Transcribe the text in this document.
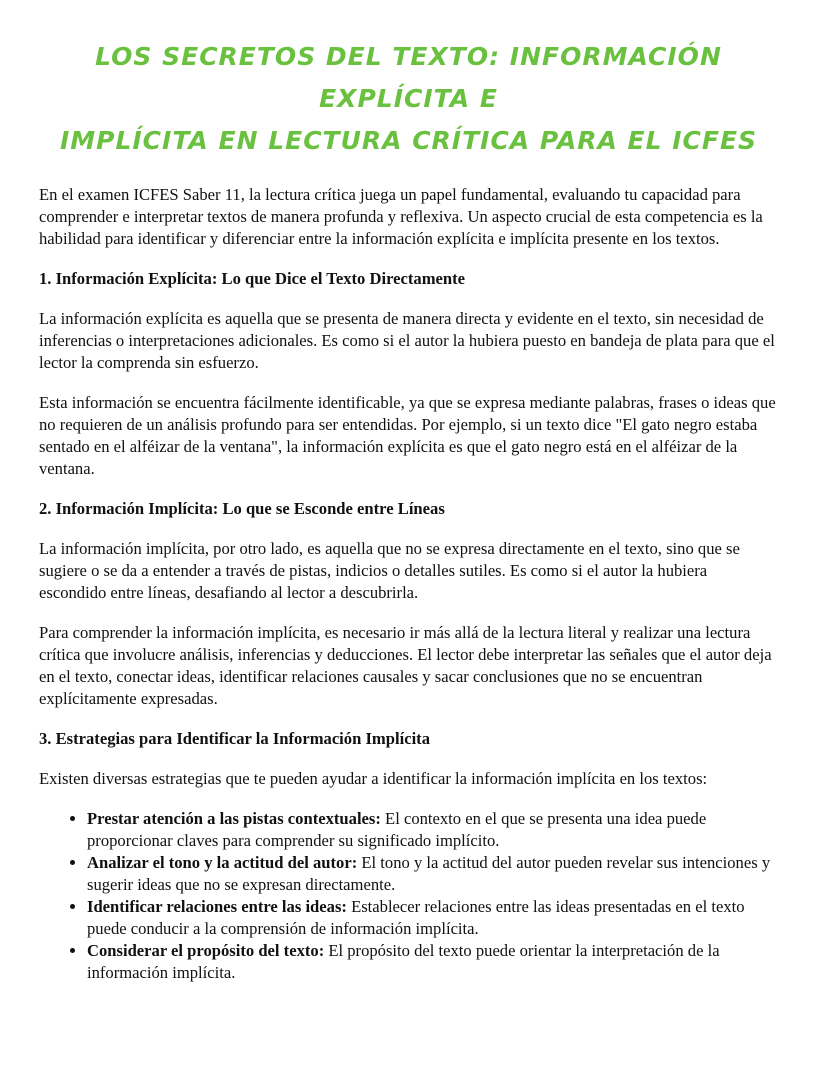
LOS SECRETOS DEL TEXTO: INFORMACIÓN EXPLÍCITA E
IMPLÍCITA EN LECTURA CRÍTICA PARA EL ICFES

En el examen ICFES Saber 11, la lectura crítica juega un papel fundamental, evaluando tu capacidad para comprender e interpretar textos de manera profunda y reflexiva. Un aspecto crucial de esta competencia es la habilidad para identificar y diferenciar entre la información explícita e implícita presente en los textos.

1. Información Explícita: Lo que Dice el Texto Directamente

La información explícita es aquella que se presenta de manera directa y evidente en el texto, sin necesidad de inferencias o interpretaciones adicionales. Es como si el autor la hubiera puesto en bandeja de plata para que el lector la comprenda sin esfuerzo.

Esta información se encuentra fácilmente identificable, ya que se expresa mediante palabras, frases o ideas que no requieren de un análisis profundo para ser entendidas. Por ejemplo, si un texto dice "El gato negro estaba sentado en el alféizar de la ventana", la información explícita es que el gato negro está en el alféizar de la ventana.

2. Información Implícita: Lo que se Esconde entre Líneas

La información implícita, por otro lado, es aquella que no se expresa directamente en el texto, sino que se sugiere o se da a entender a través de pistas, indicios o detalles sutiles. Es como si el autor la hubiera escondido entre líneas, desafiando al lector a descubrirla.

Para comprender la información implícita, es necesario ir más allá de la lectura literal y realizar una lectura crítica que involucre análisis, inferencias y deducciones. El lector debe interpretar las señales que el autor deja en el texto, conectar ideas, identificar relaciones causales y sacar conclusiones que no se encuentran explícitamente expresadas.

3. Estrategias para Identificar la Información Implícita

Existen diversas estrategias que te pueden ayudar a identificar la información implícita en los textos:

• Prestar atención a las pistas contextuales: El contexto en el que se presenta una idea puede proporcionar claves para comprender su significado implícito.
• Analizar el tono y la actitud del autor: El tono y la actitud del autor pueden revelar sus intenciones y sugerir ideas que no se expresan directamente.
• Identificar relaciones entre las ideas: Establecer relaciones entre las ideas presentadas en el texto puede conducir a la comprensión de información implícita.
• Considerar el propósito del texto: El propósito del texto puede orientar la interpretación de la información implícita.
